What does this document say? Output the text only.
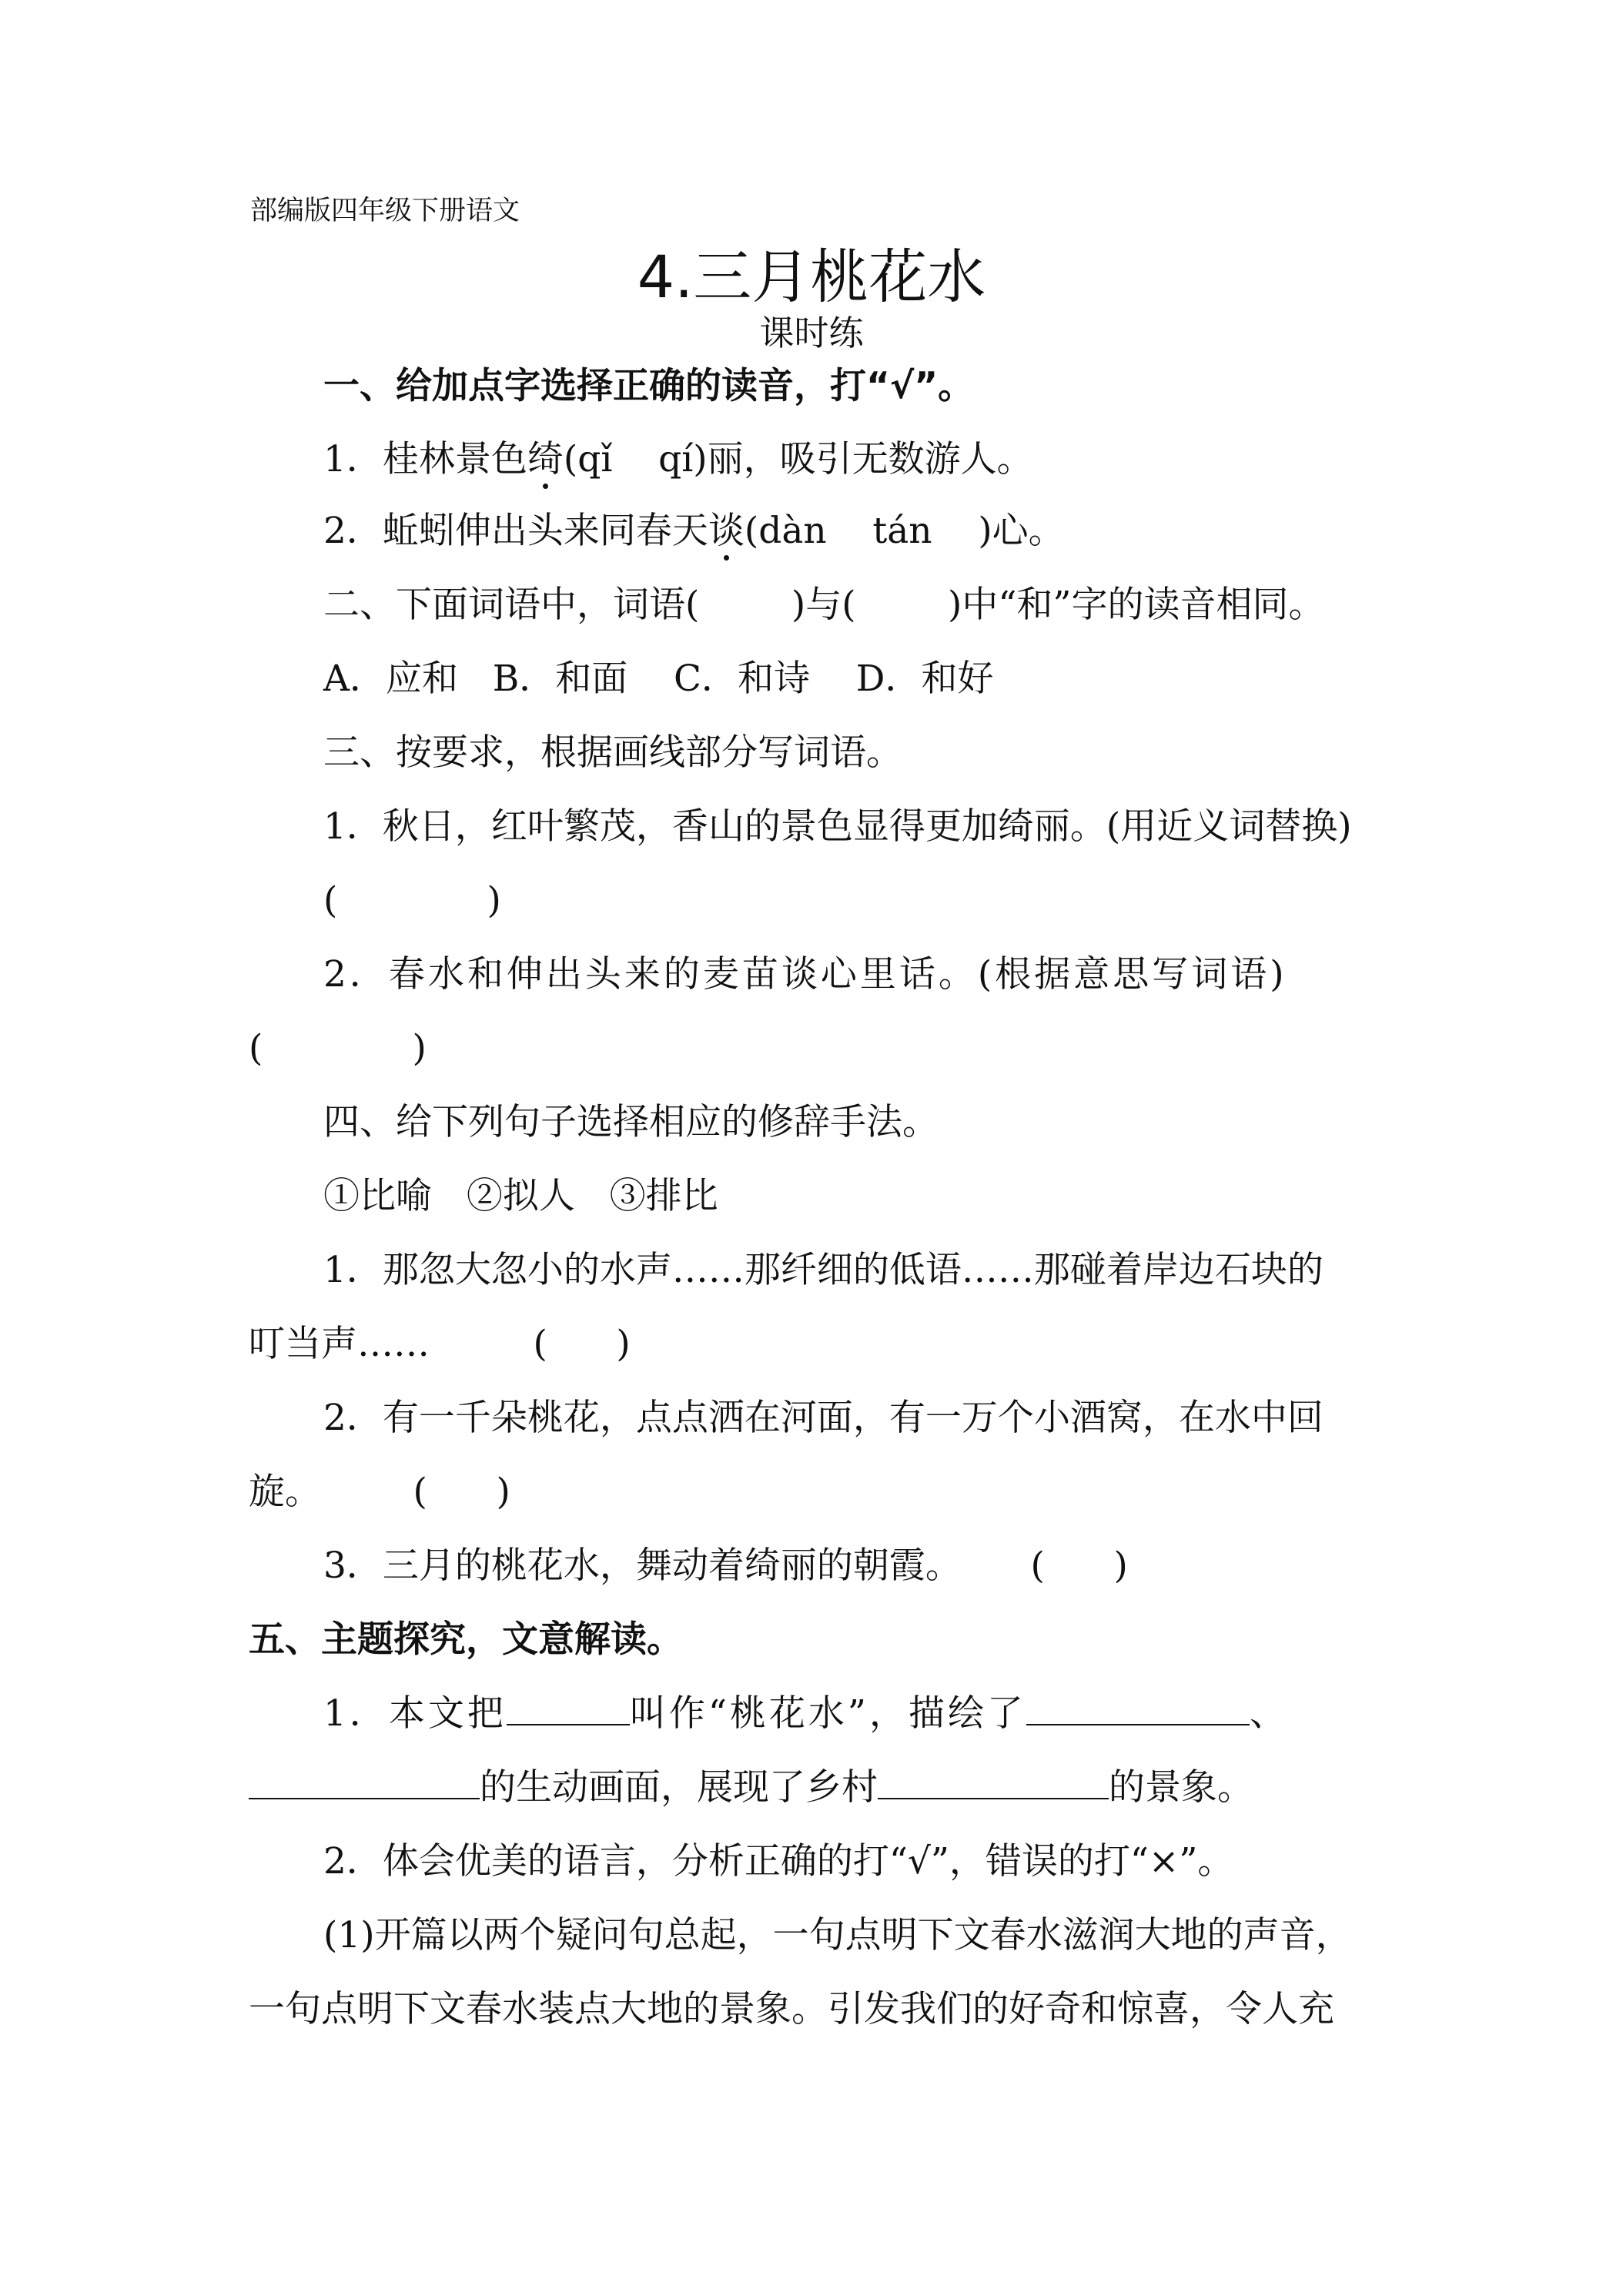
部编版四年级下册语文
4.三月桃花水
课时练
一、给加点字选择正确的读音，打“√”。
1．桂林景色绮(qǐ    qí)丽，吸引无数游人。
2．蚯蚓伸出头来同春天谈(dàn    tán    )心。
二、下面词语中，词语(        )与(        )中“和”字的读音相同。
A．应和   B．和面    C．和诗    D．和好
三、按要求，根据画线部分写词语。
1．秋日，红叶繁茂，香山的景色显得更加绮丽。(用近义词替换)
(             )
2．春水和伸出头来的麦苗谈心里话。(根据意思写词语)
(             )
四、给下列句子选择相应的修辞手法。
①比喻   ②拟人   ③排比
1．那忽大忽小的水声……那纤细的低语……那碰着岸边石块的
叮当声……         (      )
2．有一千朵桃花，点点洒在河面，有一万个小酒窝，在水中回
旋。        (      )
3．三月的桃花水，舞动着绮丽的朝霞。      (      )
五、主题探究，文意解读。
1．本文把	叫作“桃花水”，描绘了	、
的生动画面，展现了乡村	的景象。
2．体会优美的语言，分析正确的打“√”，错误的打“×”。
(1)开篇以两个疑问句总起，一句点明下文春水滋润大地的声音，
一句点明下文春水装点大地的景象。引发我们的好奇和惊喜，令人充
